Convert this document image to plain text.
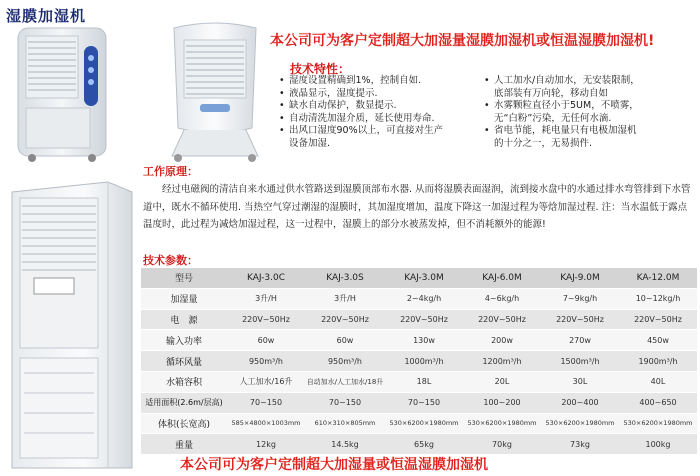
湿膜加湿机
本公司可为客户定制超大加湿量湿膜加湿机或恒温湿膜加湿机!
技术特性：
• 湿度设置精确到1%，控制自如.
• 液晶显示，湿度提示.
• 缺水自动保护，数显提示.
• 自动清洗加湿介质，延长使用寿命.
• 出风口湿度90%以上，可直接对生产
设备加湿.
• 人工加水/自动加水，无安装限制，
底部装有万向轮，移动自如
• 水雾颗粒直径小于5UM，不喷雾，
无“白粉”污染，无任何水滴.
• 省电节能，耗电量只有电极加湿机
的十分之一，无易损件.
工作原理：
经过电磁阀的清洁自来水通过供水管路送到湿膜顶部布水器. 从而将湿膜表面湿润，流到接水盘中的水通过排水弯管排到下水管道中，既水不循环使用. 当热空气穿过潮湿的湿膜时，其加湿度增加，温度下降这一加湿过程为等焓加湿过程. 注：当水温低于露点温度时，此过程为减焓加湿过程，这一过程中，湿膜上的部分水被蒸发掉，但不消耗额外的能源!
技术参数：
型号	KAJ-3.0C	KAJ-3.0S	KAJ-3.0M	KAJ-6.0M	KAJ-9.0M	KA-12.0M
加湿量	3升/H	3升/H	2~4kg/h	4~6kg/h	7~9kg/h	10~12kg/h
电　源	220V~50Hz	220V~50Hz	220V~50Hz	220V~50Hz	220V~50Hz	220V~50Hz
输入功率	60w	60w	130w	200w	270w	450w
循环风量	950m³/h	950m³/h	1000m³/h	1200m³/h	1500m³/h	1900m³/h
水箱容积	人工加水/16升	自动加水/人工加水/18升	18L	20L	30L	40L
适用面积(2.6m/层高)	70~150	70~150	70~150	100~200	200~400	400~650
体积(长宽高)	585×4800×1003mm	610×310×805mm	530×6200×1980mm	530×6200×1980mm	530×6200×1980mm	530×6200×1980mm
重量	12kg	14.5kg	65kg	70kg	73kg	100kg
本公司可为客户定制超大加湿量或恒温湿膜加湿机
